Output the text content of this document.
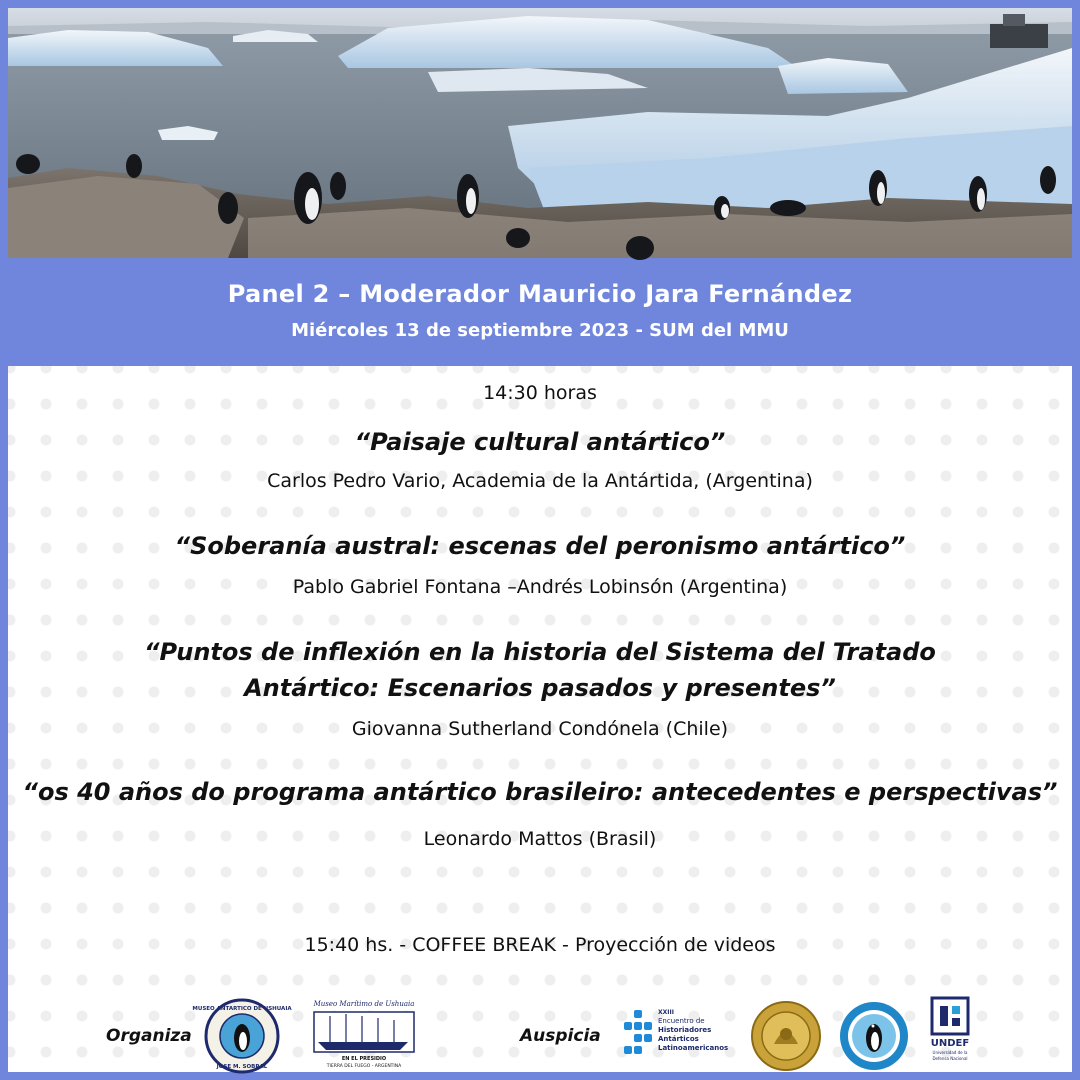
Panel 2 – Moderador Mauricio Jara Fernández
Miércoles 13 de septiembre 2023 - SUM del MMU
14:30 horas
“Paisaje cultural antártico”
Carlos Pedro Vario, Academia de la Antártida, (Argentina)
“Soberanía austral: escenas del peronismo antártico”
Pablo Gabriel Fontana –Andrés Lobinsón (Argentina)
“Puntos de inflexión en la historia del Sistema del Tratado
Antártico: Escenarios pasados y presentes”
Giovanna Sutherland Condónela (Chile)
“os 40 años do programa antártico brasileiro: antecedentes e perspectivas”
Leonardo Mattos (Brasil)
15:40 hs. - COFFEE BREAK - Proyección de videos
Organiza
MUSEO ANTARTICO DE USHUAIA
JOSE M. SOBRAL
Museo Marítimo de Ushuaia
EN EL PRESIDIO
TIERRA DEL FUEGO - ARGENTINA
Auspicia
XXIII
Encuentro de
Historiadores
Antárticos
Latinoamericanos	UNDEF
Universidad de la
Defensa Nacional
